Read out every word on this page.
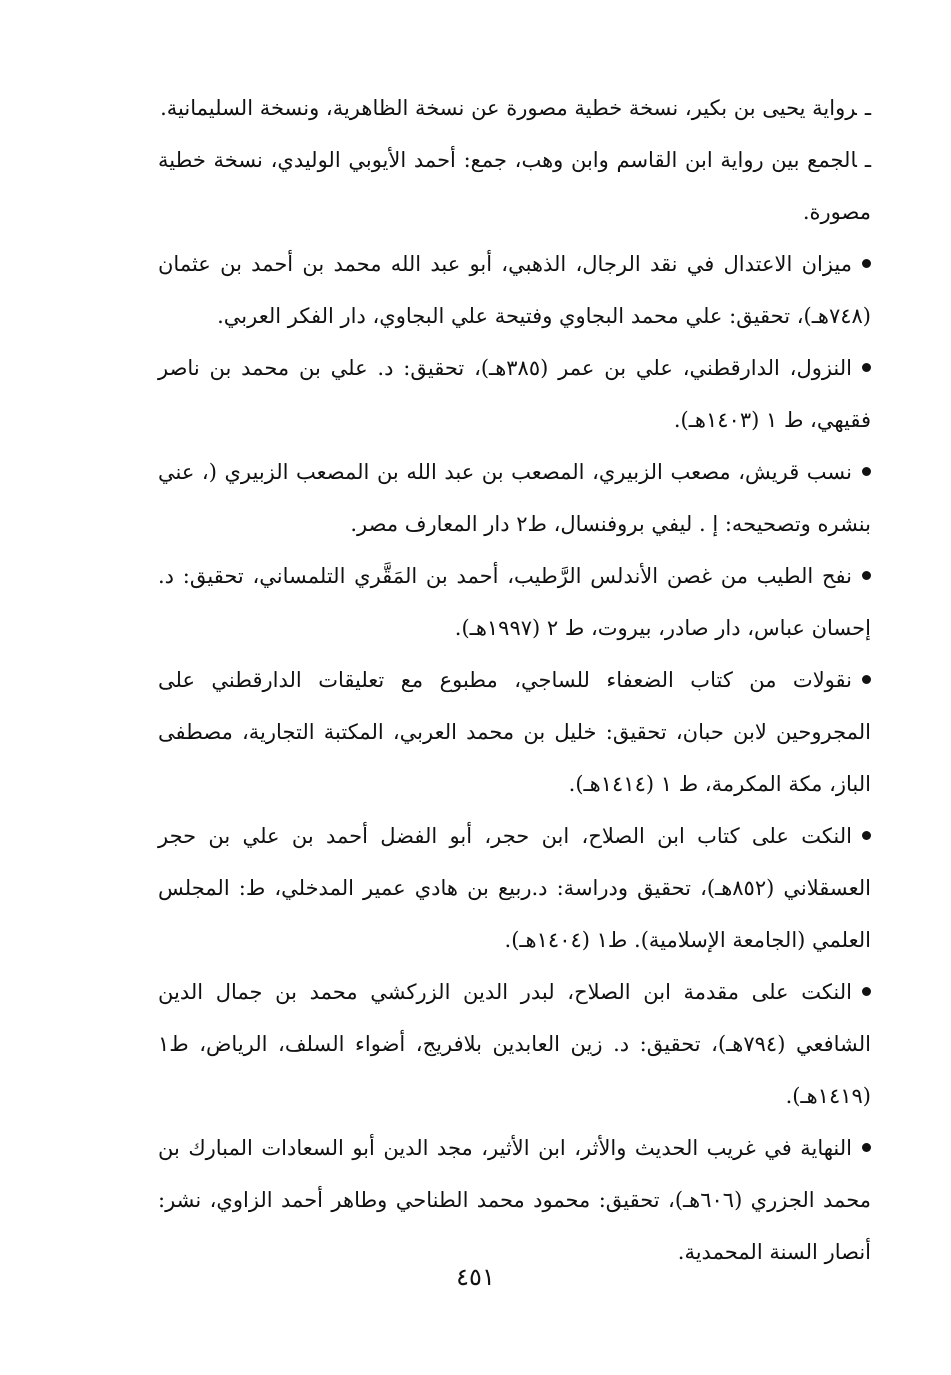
ـرواية يحيى بن بكير، نسخة خطية مصورة عن نسخة الظاهرية، ونسخة السليمانية.

ـالجمع بين رواية ابن القاسم وابن وهب، جمع: أحمد الأيوبي الوليدي، نسخة خطية مصورة.

ميزان الاعتدال في نقد الرجال، الذهبي، أبو عبد الله محمد بن أحمد بن عثمان (٧٤٨هـ)، تحقيق: علي محمد البجاوي وفتيحة علي البجاوي، دار الفكر العربي.

النزول، الدارقطني، علي بن عمر (٣٨٥هـ)، تحقيق: د. علي بن محمد بن ناصر فقيهي، ط ١ (١٤٠٣هـ).

نسب قريش، مصعب الزبيري، المصعب بن عبد الله بن المصعب الزبيري (، عني بنشره وتصحيحه: إ . ليفي بروفنسال، ط٢ دار المعارف مصر.

نفح الطيب من غصن الأندلس الرَّطيب، أحمد بن المَقَّري التلمساني، تحقيق: د. إحسان عباس، دار صادر، بيروت، ط ٢ (١٩٩٧هـ).

نقولات من كتاب الضعفاء للساجي، مطبوع مع تعليقات الدارقطني على المجروحين لابن حبان، تحقيق: خليل بن محمد العربي، المكتبة التجارية، مصطفى الباز، مكة المكرمة، ط ١ (١٤١٤هـ).

النكت على كتاب ابن الصلاح، ابن حجر، أبو الفضل أحمد بن علي بن حجر العسقلاني (٨٥٢هـ)، تحقيق ودراسة: د.ربيع بن هادي عمير المدخلي، ط: المجلس العلمي (الجامعة الإسلامية). ط١ (١٤٠٤هـ).

النكت على مقدمة ابن الصلاح، لبدر الدين الزركشي محمد بن جمال الدين الشافعي (٧٩٤هـ)، تحقيق: د. زين العابدين بلافريج، أضواء السلف، الرياض، ط١ (١٤١٩هـ).

النهاية في غريب الحديث والأثر، ابن الأثير، مجد الدين أبو السعادات المبارك بن محمد الجزري (٦٠٦هـ)، تحقيق: محمود محمد الطناحي وطاهر أحمد الزاوي، نشر: أنصار السنة المحمدية.

٤٥١
